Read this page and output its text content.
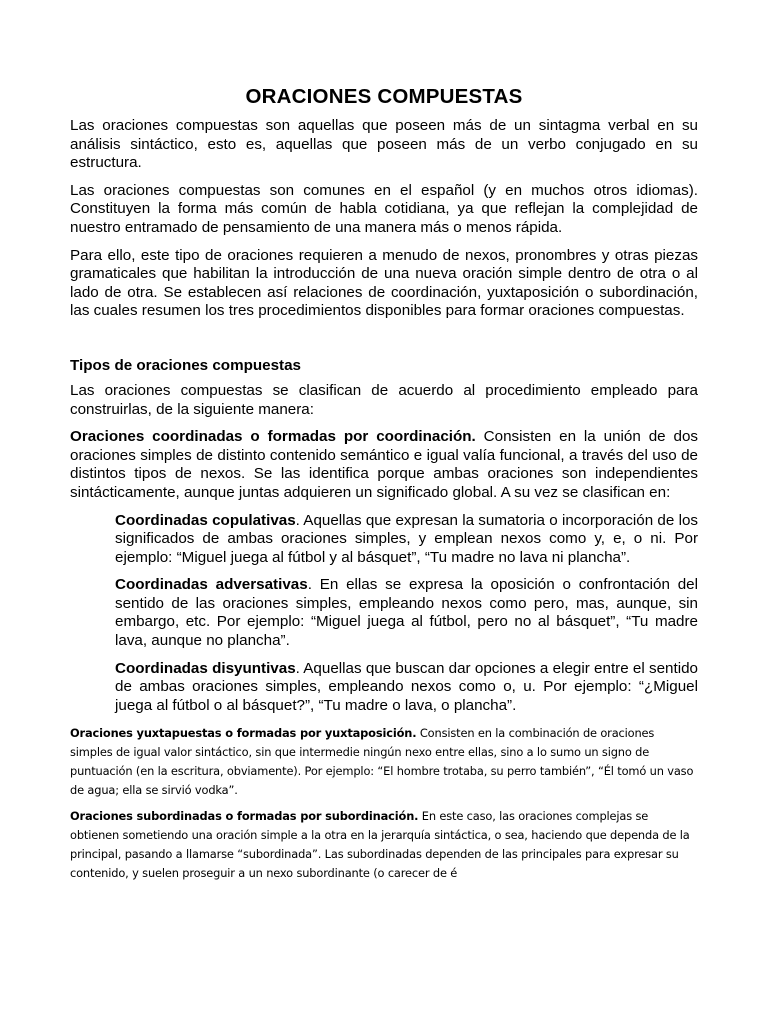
ORACIONES COMPUESTAS

Las oraciones compuestas son aquellas que poseen más de un sintagma verbal en su análisis sintáctico, esto es, aquellas que poseen más de un verbo conjugado en su estructura.

Las oraciones compuestas son comunes en el español (y en muchos otros idiomas). Constituyen la forma más común de habla cotidiana, ya que reflejan la complejidad de nuestro entramado de pensamiento de una manera más o menos rápida.

Para ello, este tipo de oraciones requieren a menudo de nexos, pronombres y otras piezas gramaticales que habilitan la introducción de una nueva oración simple dentro de otra o al lado de otra. Se establecen así relaciones de coordinación, yuxtaposición o subordinación, las cuales resumen los tres procedimientos disponibles para formar oraciones compuestas.

Tipos de oraciones compuestas

Las oraciones compuestas se clasifican de acuerdo al procedimiento empleado para construirlas, de la siguiente manera:

Oraciones coordinadas o formadas por coordinación. Consisten en la unión de dos oraciones simples de distinto contenido semántico e igual valía funcional, a través del uso de distintos tipos de nexos. Se las identifica porque ambas oraciones son independientes sintácticamente, aunque juntas adquieren un significado global. A su vez se clasifican en:

Coordinadas copulativas. Aquellas que expresan la sumatoria o incorporación de los significados de ambas oraciones simples, y emplean nexos como y, e, o ni. Por ejemplo: “Miguel juega al fútbol y al básquet”, “Tu madre no lava ni plancha”.

Coordinadas adversativas. En ellas se expresa la oposición o confrontación del sentido de las oraciones simples, empleando nexos como pero, mas, aunque, sin embargo, etc. Por ejemplo: “Miguel juega al fútbol, pero no al básquet”, “Tu madre lava, aunque no plancha”.

Coordinadas disyuntivas. Aquellas que buscan dar opciones a elegir entre el sentido de ambas oraciones simples, empleando nexos como o, u. Por ejemplo: “¿Miguel juega al fútbol o al básquet?”, “Tu madre o lava, o plancha”.

Oraciones yuxtapuestas o formadas por yuxtaposición. Consisten en la combinación de oraciones simples de igual valor sintáctico, sin que intermedie ningún nexo entre ellas, sino a lo sumo un signo de puntuación (en la escritura, obviamente). Por ejemplo: “El hombre trotaba, su perro también”, “Él tomó un vaso de agua; ella se sirvió vodka”.

Oraciones subordinadas o formadas por subordinación. En este caso, las oraciones complejas se obtienen sometiendo una oración simple a la otra en la jerarquía sintáctica, o sea, haciendo que dependa de la principal, pasando a llamarse “subordinada”. Las subordinadas dependen de las principales para expresar su contenido, y suelen proseguir a un nexo subordinante (o carecer de é
